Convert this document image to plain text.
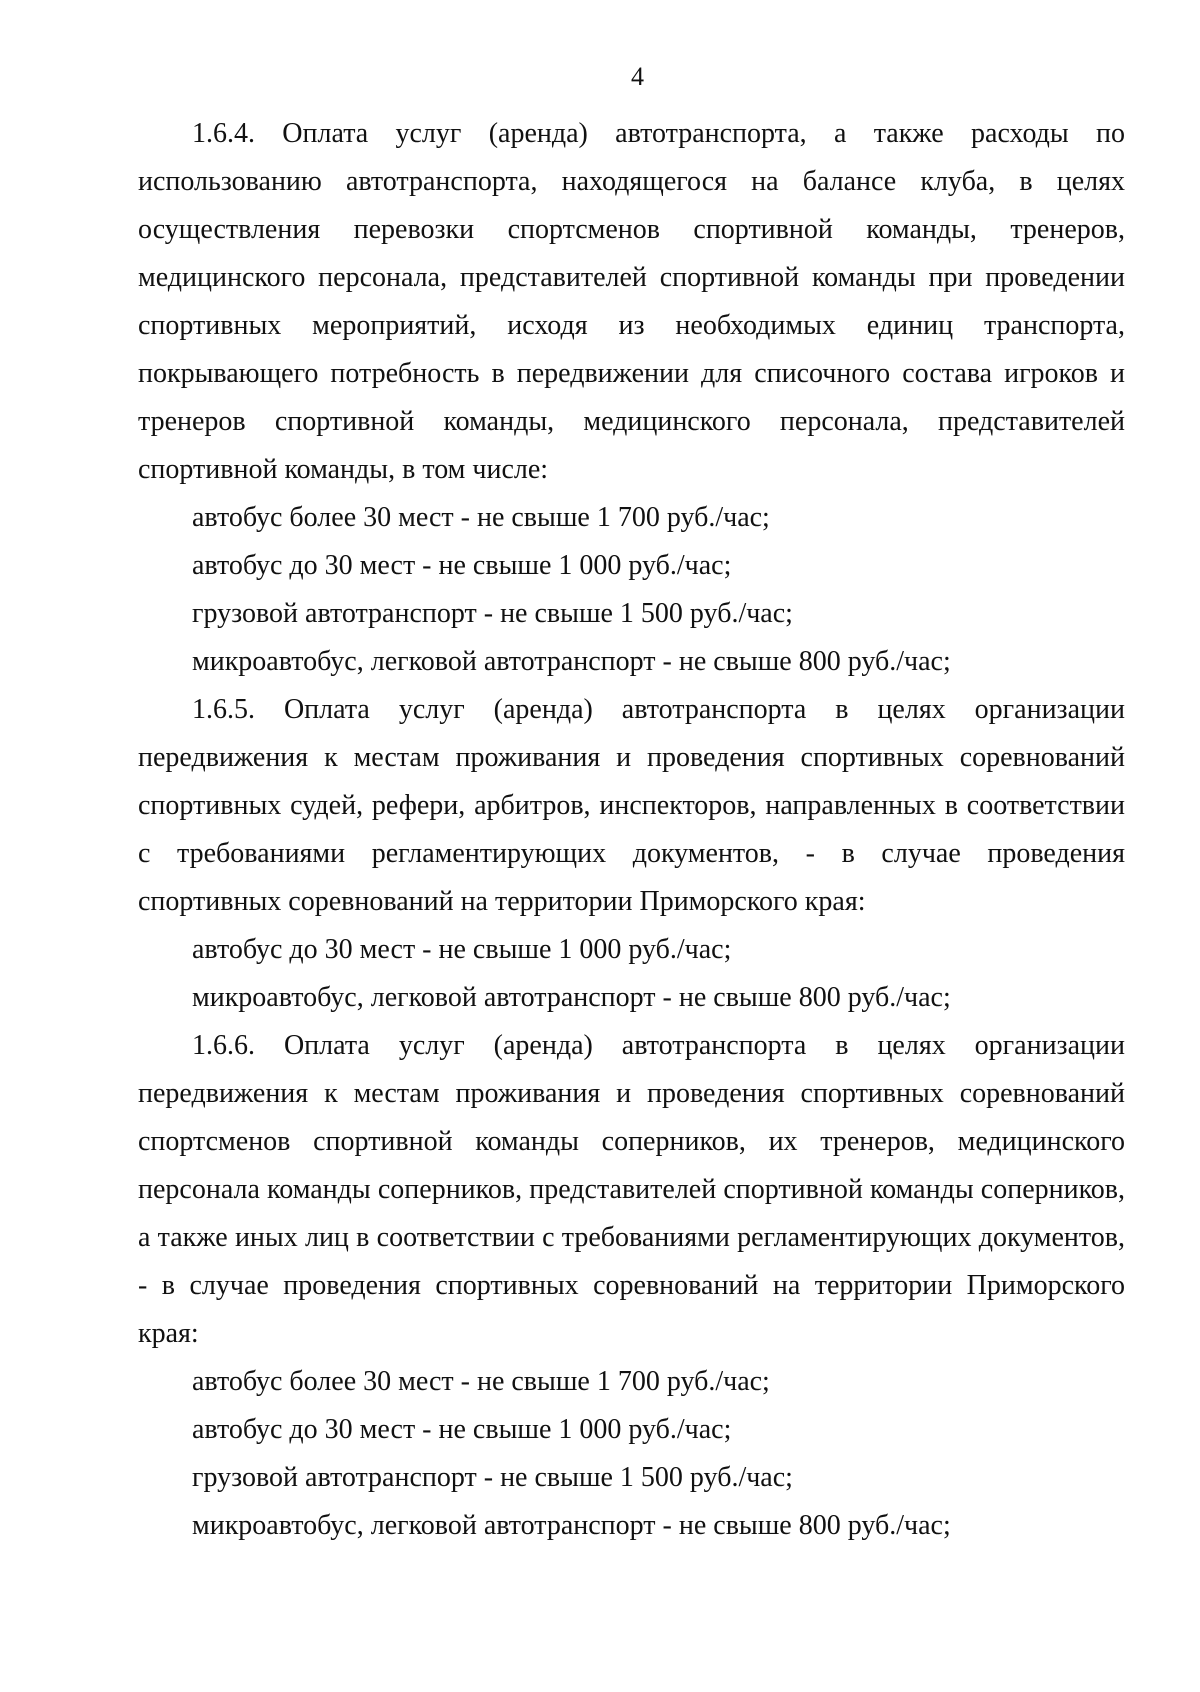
4

1.6.4. Оплата услуг (аренда) автотранспорта, а также расходы по использованию автотранспорта, находящегося на балансе клуба, в целях осуществления перевозки спортсменов спортивной команды, тренеров, медицинского персонала, представителей спортивной команды при проведении спортивных мероприятий, исходя из необходимых единиц транспорта, покрывающего потребность в передвижении для списочного состава игроков и тренеров спортивной команды, медицинского персонала, представителей спортивной команды, в том числе:

автобус более 30 мест - не свыше 1 700 руб./час;

автобус до 30 мест - не свыше 1 000 руб./час;

грузовой автотранспорт - не свыше 1 500 руб./час;

микроавтобус, легковой автотранспорт - не свыше 800 руб./час;

1.6.5. Оплата услуг (аренда) автотранспорта в целях организации передвижения к местам проживания и проведения спортивных соревнований спортивных судей, рефери, арбитров, инспекторов, направленных в соответствии с требованиями регламентирующих документов, - в случае проведения спортивных соревнований на территории Приморского края:

автобус до 30 мест - не свыше 1 000 руб./час;

микроавтобус, легковой автотранспорт - не свыше 800 руб./час;

1.6.6. Оплата услуг (аренда) автотранспорта в целях организации передвижения к местам проживания и проведения спортивных соревнований спортсменов спортивной команды соперников, их тренеров, медицинского персонала команды соперников, представителей спортивной команды соперников, а также иных лиц в соответствии с требованиями регламентирующих документов, - в случае проведения спортивных соревнований на территории Приморского края:

автобус более 30 мест - не свыше 1 700 руб./час;

автобус до 30 мест - не свыше 1 000 руб./час;

грузовой автотранспорт - не свыше 1 500 руб./час;

микроавтобус, легковой автотранспорт - не свыше 800 руб./час;
